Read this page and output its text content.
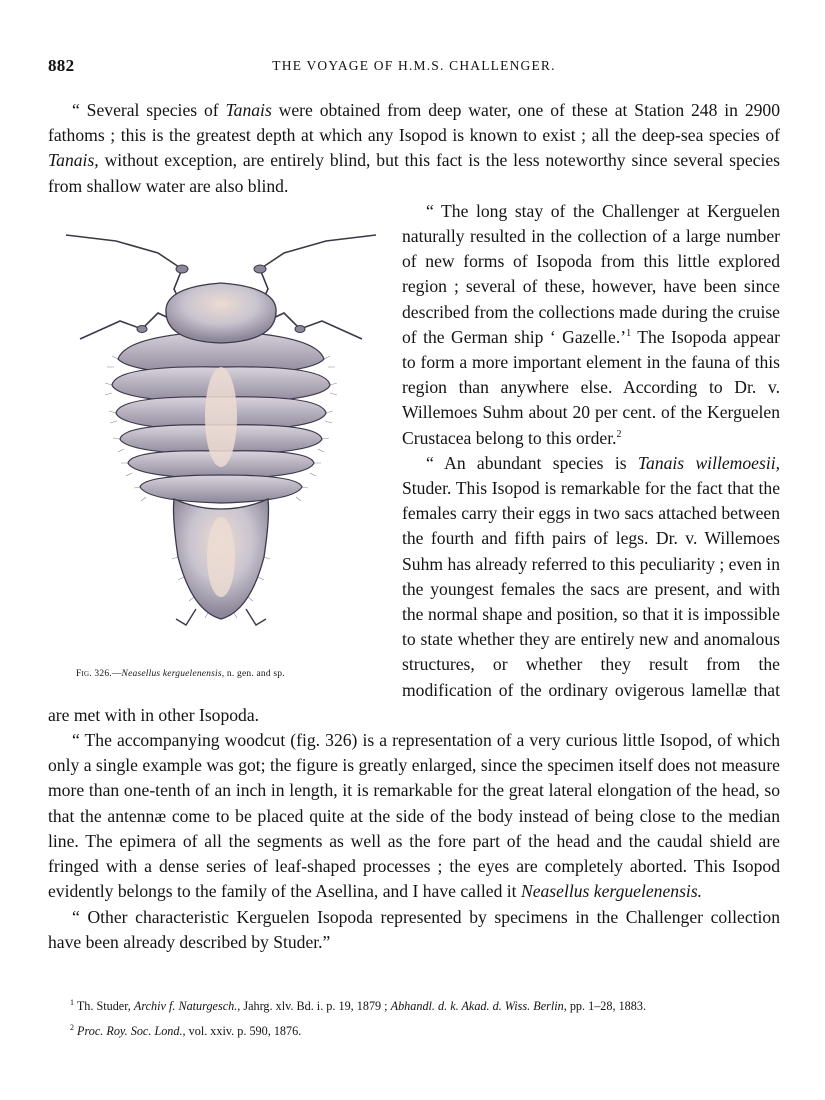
882	THE VOYAGE OF H.M.S. CHALLENGER.

“ Several species of Tanais were obtained from deep water, one of these at Station 248 in 2900 fathoms ; this is the greatest depth at which any Isopod is known to exist ; all the deep-sea species of Tanais, without exception, are entirely blind, but this fact is the less noteworthy since several species from shallow water are also blind.

Fig. 326.—Neasellus kerguelenensis, n. gen. and sp.

“ The long stay of the Challenger at Kerguelen naturally resulted in the collection of a large number of new forms of Isopoda from this little explored region ; several of these, however, have been since described from the collections made during the cruise of the German ship ‘ Gazelle.’$^1$ The Isopoda appear to form a more important element in the fauna of this region than anywhere else. According to Dr. v. Willemoes Suhm about 20 per cent. of the Kerguelen Crustacea belong to this order.$^2$

“ An abundant species is Tanais willemoesii, Studer. This Isopod is remarkable for the fact that the females carry their eggs in two sacs attached between the fourth and fifth pairs of legs. Dr. v. Willemoes Suhm has already referred to this peculiarity ; even in the youngest females the sacs are present, and with the normal shape and position, so that it is impossible to state whether they are entirely new and anomalous structures, or whether they result from the modification of the ordinary ovigerous lamellæ that are met with in other Isopoda.

“ The accompanying woodcut (fig. 326) is a representation of a very curious little Isopod, of which only a single example was got; the figure is greatly enlarged, since the specimen itself does not measure more than one-tenth of an inch in length, it is remarkable for the great lateral elongation of the head, so that the antennæ come to be placed quite at the side of the body instead of being close to the median line. The epimera of all the segments as well as the fore part of the head and the caudal shield are fringed with a dense series of leaf-shaped processes ; the eyes are completely aborted. This Isopod evidently belongs to the family of the Asellina, and I have called it Neasellus kerguelenensis.

“ Other characteristic Kerguelen Isopoda represented by specimens in the Challenger collection have been already described by Studer.”

$^1$ Th. Studer, Archiv f. Naturgesch., Jahrg. xlv. Bd. i. p. 19, 1879 ; Abhandl. d. k. Akad. d. Wiss. Berlin, pp. 1–28, 1883.

$^2$ Proc. Roy. Soc. Lond., vol. xxiv. p. 590, 1876.
